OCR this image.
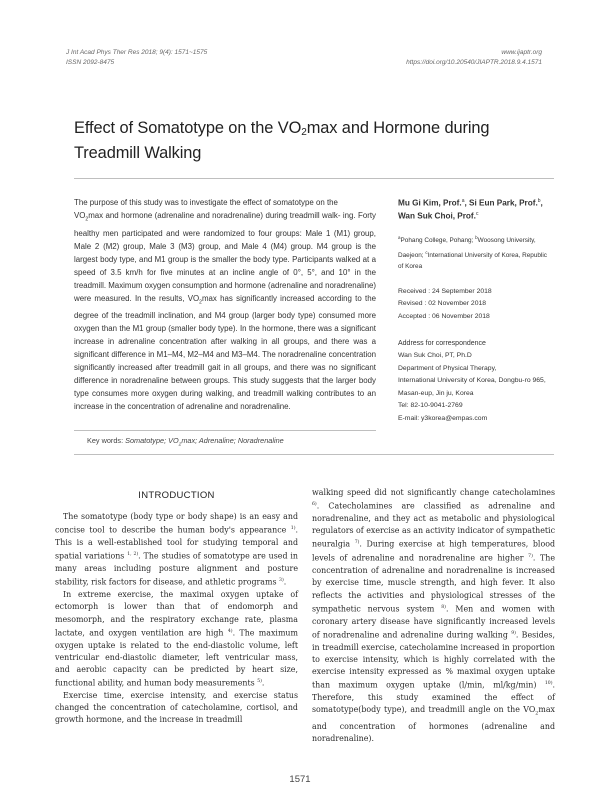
J Int Acad Phys Ther Res 2018; 9(4): 1571~1575
ISSN 2092-8475
www.ijaptr.org
https://doi.org/10.20540/JIAPTR.2018.9.4.1571
Effect of Somatotype on the $VO_2\max$ and Hormone during Treadmill Walking
The purpose of this study was to investigate the effect of somatotype on the
$VO_2\max$ and hormone (adrenaline and noradrenaline) during treadmill walk- ing. Forty healthy men participated and were randomized to four groups: Male 1 (M1) group, Male 2 (M2) group, Male 3 (M3) group, and Male 4 (M4) group. M4 group is the largest body type, and M1 group is the smaller the body type. Participants walked at a speed of 3.5 km/h for five minutes at an incline angle of 0°, 5°, and 10° in the treadmill. Maximum oxygen consumption and hormone (adrenaline and noradrenaline) were measured. In the results, $VO_2\max$ has significantly increased according to the degree of the treadmill inclination, and M4 group (larger body type) consumed more oxygen than the M1 group (smaller body type). In the hormone, there was a significant increase in adrenaline concentration after walking in all groups, and there was a significant difference in M1–M4, M2–M4 and M3–M4. The noradrenaline concentration significantly increased after treadmill gait in all groups, and there was no significant difference in noradrenaline between groups. This study suggests that the larger body type consumes more oxygen during walking, and treadmill walking contributes to an increase in the concentration of adrenaline and noradrenaline.
Key words: Somatotype; $VO_2\max$; Adrenaline; Noradrenaline
Mu Gi Kim, Prof.$^a$, Si Eun Park, Prof.$^b$, Wan Suk Choi, Prof.$^c$
$^a$Pohang College, Pohang; $^b$Woosong University, Daejeon; $^c$International University of Korea, Republic of Korea
Received : 24 September 2018
Revised : 02 November 2018
Accepted : 06 November 2018
Address for correspondence
Wan Suk Choi, PT, Ph.D
Department of Physical Therapy,
International University of Korea, Dongbu-ro 965, Masan-eup, Jin ju, Korea
Tel: 82-10-9041-2769
E-mail: y3korea@empas.com
INTRODUCTION

The somatotype (body type or body shape) is an easy and concise tool to describe the human body's appearance $^{1)}$. This is a well-established tool for studying temporal and spatial variations $^{1, 2)}$. The studies of somatotype are used in many areas including posture alignment and posture stability, risk factors for disease, and athletic programs $^{3)}$.

In extreme exercise, the maximal oxygen uptake of ectomorph is lower than that of endomorph and mesomorph, and the respiratory exchange rate, plasma lactate, and oxygen ventilation are high $^{4)}$. The maximum oxygen uptake is related to the end-diastolic volume, left ventricular end-diastolic diameter, left ventricular mass, and aerobic capacity can be predicted by heart size, functional ability, and human body measurements $^{5)}$.

Exercise time, exercise intensity, and exercise status changed the concentration of catecholamine, cortisol, and growth hormone, and the increase in treadmill

walking speed did not significantly change catecholamines $^{6)}$. Catecholamines are classified as adrenaline and noradrenaline, and they act as metabolic and physiological regulators of exercise as an activity indicator of sympathetic neuralgia $^{7)}$. During exercise at high temperatures, blood levels of adrenaline and noradrenaline are higher $^{7)}$. The concentration of adrenaline and noradrenaline is increased by exercise time, muscle strength, and high fever. It also reflects the activities and physiological stresses of the sympathetic nervous system $^{8)}$. Men and women with coronary artery disease have significantly increased levels of noradrenaline and adrenaline during walking $^{9)}$. Besides, in treadmill exercise, catecholamine increased in proportion to exercise intensity, which is highly correlated with the exercise intensity expressed as % maximal oxygen uptake than maximum oxygen uptake (l/min, ml/kg/min) $^{10)}$. Therefore, this study examined the effect of somatotype(body type), and treadmill angle on the $VO_2\max$ and concentration of hormones (adrenaline and noradrenaline).

1571
